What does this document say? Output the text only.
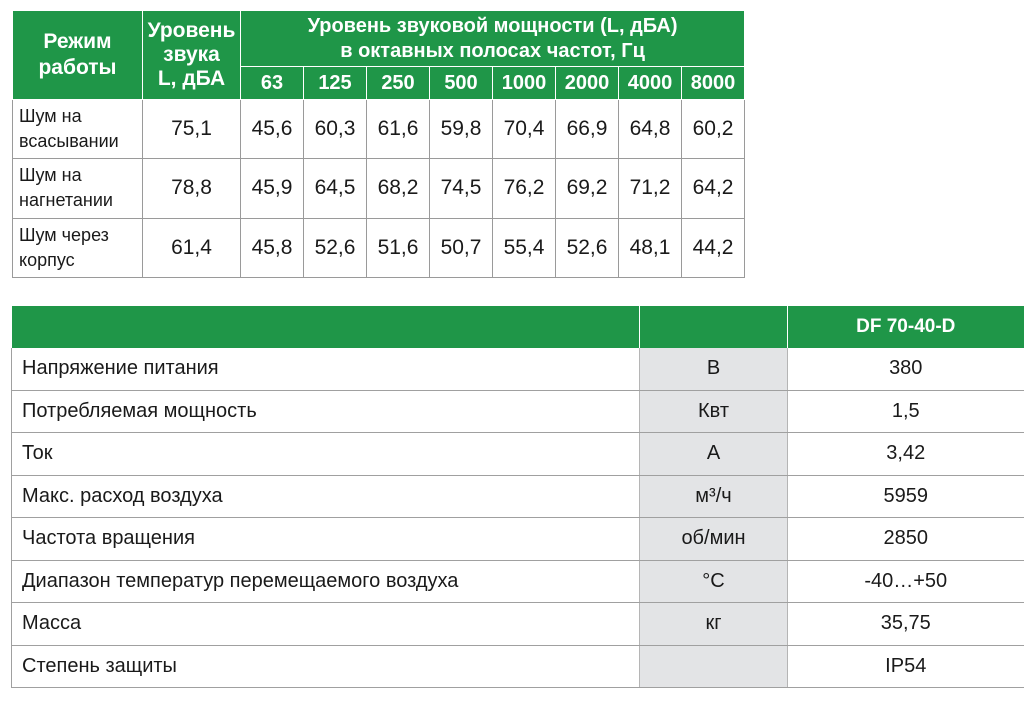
Режим
работы	Уровень
звука
L, дБА	Уровень звуковой мощности (L, дБА)
в октавных полосах частот, Гц							
		63	125	250	500	1000	2000	4000	8000
Шум на
всасывании	75,1	45,6	60,3	61,6	59,8	70,4	66,9	64,8	60,2
Шум на
нагнетании	78,8	45,9	64,5	68,2	74,5	76,2	69,2	71,2	64,2
Шум через
корпус	61,4	45,8	52,6	51,6	50,7	55,4	52,6	48,1	44,2
		DF 70-40-D
Напряжение питания	В	380
Потребляемая мощность	Квт	1,5
Ток	А	3,42
Макс. расход воздуха	м³/ч	5959
Частота вращения	об/мин	2850
Диапазон температур перемещаемого воздуха	°С	-40…+50
Масса	кг	35,75
Степень защиты		IP54
